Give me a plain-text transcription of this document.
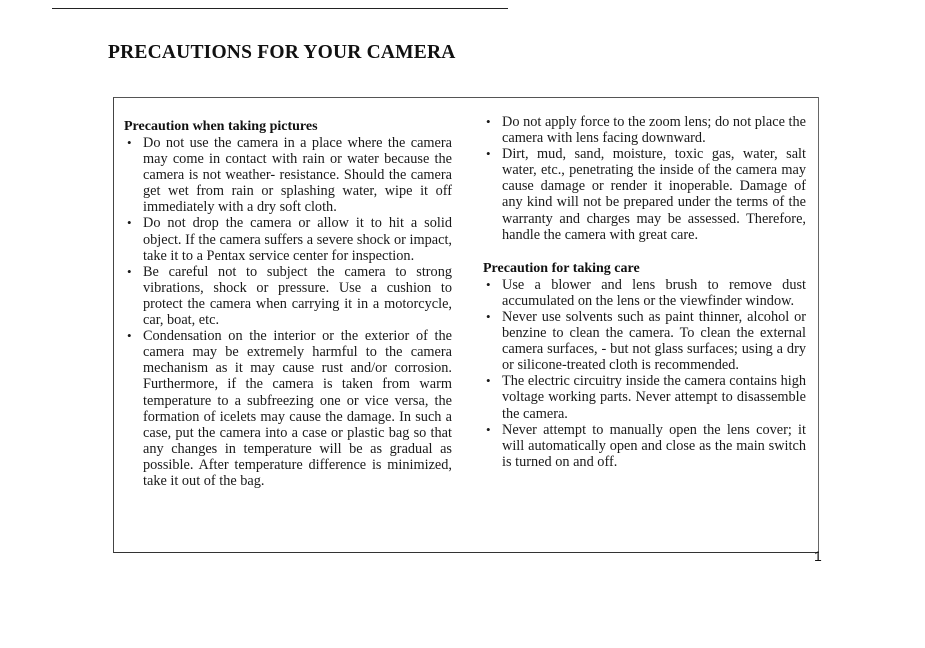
PRECAUTIONS FOR YOUR CAMERA
Precaution when taking pictures
• Do not use the camera in a place where the camera may come in contact with rain or water because the camera is not weather- resistance. Should the camera get wet from rain or splashing water, wipe it off immediately with a dry soft cloth.
• Do not drop the camera or allow it to hit a solid object. If the camera suffers a severe shock or impact, take it to a Pentax service center for inspection.
• Be careful not to subject the camera to strong vibrations, shock or pressure. Use a cushion to protect the camera when carrying it in a motorcycle, car, boat, etc.
• Condensation on the interior or the exterior of the camera may be extremely harmful to the camera mechanism as it may cause rust and/or corrosion. Furthermore, if the camera is taken from warm temperature to a subfreezing one or vice versa, the formation of icelets may cause the damage. In such a case, put the camera into a case or plastic bag so that any changes in temperature will be as gradual as possible. After temperature difference is minimized, take it out of the bag.
• Do not apply force to the zoom lens; do not place the camera with lens facing downward.
• Dirt, mud, sand, moisture, toxic gas, water, salt water, etc., penetrating the inside of the camera may cause damage or render it inoperable. Damage of any kind will not be prepared under the terms of the warranty and charges may be assessed. Therefore, handle the camera with great care.
Precaution for taking care
• Use a blower and lens brush to remove dust accumulated on the lens or the viewfinder window.
• Never use solvents such as paint thinner, alcohol or benzine to clean the camera. To clean the external camera surfaces, - but not glass surfaces; using a dry or silicone-treated cloth is recommended.
• The electric circuitry inside the camera contains high voltage working parts. Never attempt to disassemble the camera.
• Never attempt to manually open the lens cover; it will automatically open and close as the main switch is turned on and off.
1
